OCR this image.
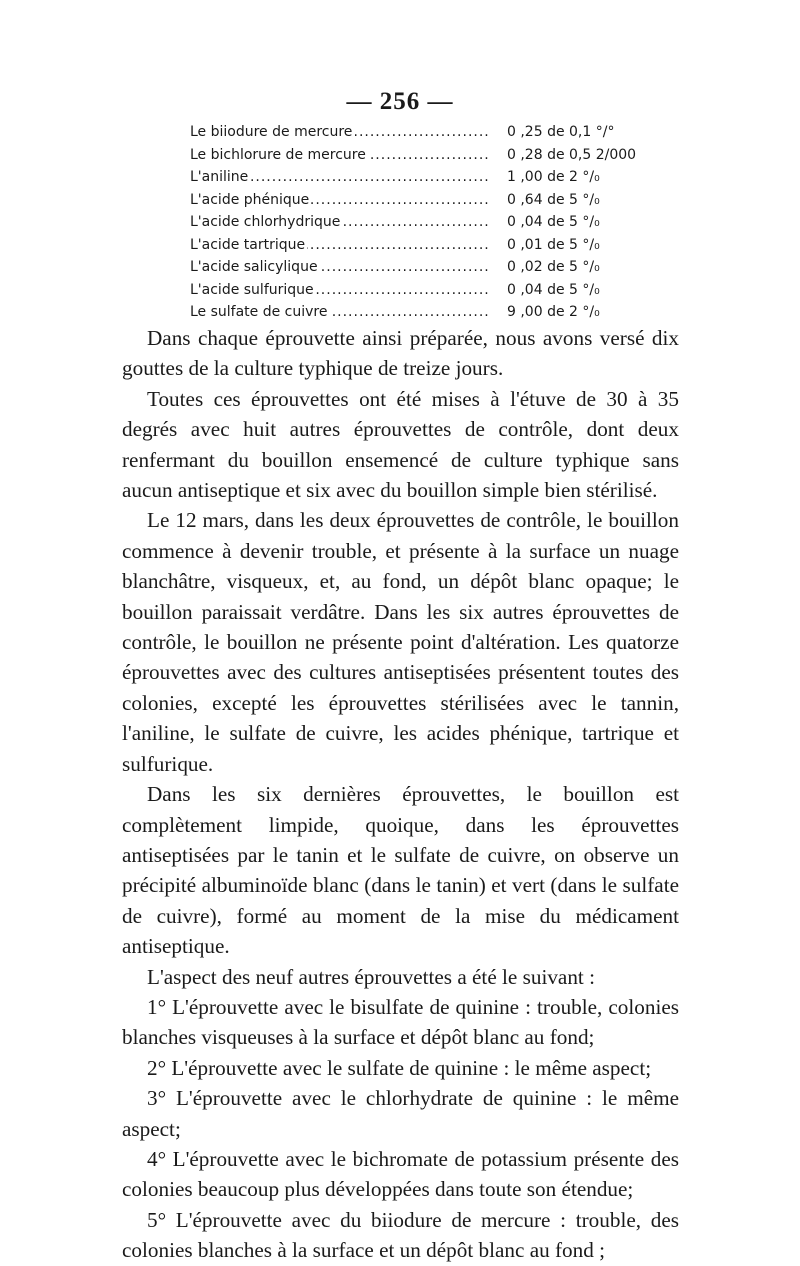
— 256 —
..... Le biiodure de mercure	0 ,25 de 0,1 °/°
..... Le bichlorure de mercure	0 ,28 de 0,5 2/000
..... L'aniline	1 ,00 de 2 °/₀
..... L'acide phénique	0 ,64 de 5 °/₀
..... L'acide chlorhydrique	0 ,04 de 5 °/₀
..... L'acide tartrique	0 ,01 de 5 °/₀
..... L'acide salicylique	0 ,02 de 5 °/₀
..... L'acide sulfurique	0 ,04 de 5 °/₀
..... Le sulfate de cuivre	9 ,00 de 2 °/₀

Dans chaque éprouvette ainsi préparée, nous avons versé dix gouttes de la culture typhique de treize jours.

Toutes ces éprouvettes ont été mises à l'étuve de 30 à 35 degrés avec huit autres éprouvettes de contrôle, dont deux renfermant du bouillon ensemencé de culture typhique sans aucun antiseptique et six avec du bouillon simple bien stérilisé.

Le 12 mars, dans les deux éprouvettes de contrôle, le bouillon commence à devenir trouble, et présente à la surface un nuage blanchâtre, visqueux, et, au fond, un dépôt blanc opaque; le bouillon paraissait verdâtre. Dans les six autres éprouvettes de contrôle, le bouillon ne présente point d'altération. Les quatorze éprouvettes avec des cultures antiseptisées présentent toutes des colonies, excepté les éprouvettes stérilisées avec le tannin, l'aniline, le sulfate de cuivre, les acides phénique, tartrique et sulfurique.

Dans les six dernières éprouvettes, le bouillon est complètement limpide, quoique, dans les éprouvettes antiseptisées par le tanin et le sulfate de cuivre, on observe un précipité albuminoïde blanc (dans le tanin) et vert (dans le sulfate de cuivre), formé au moment de la mise du médicament antiseptique.

L'aspect des neuf autres éprouvettes a été le suivant :

1° L'éprouvette avec le bisulfate de quinine : trouble, colonies blanches visqueuses à la surface et dépôt blanc au fond;

2° L'éprouvette avec le sulfate de quinine : le même aspect;

3° L'éprouvette avec le chlorhydrate de quinine : le même aspect;

4° L'éprouvette avec le bichromate de potassium présente des colonies beaucoup plus développées dans toute son étendue;

5° L'éprouvette avec du biiodure de mercure : trouble, des colonies blanches à la surface et un dépôt blanc au fond ;
